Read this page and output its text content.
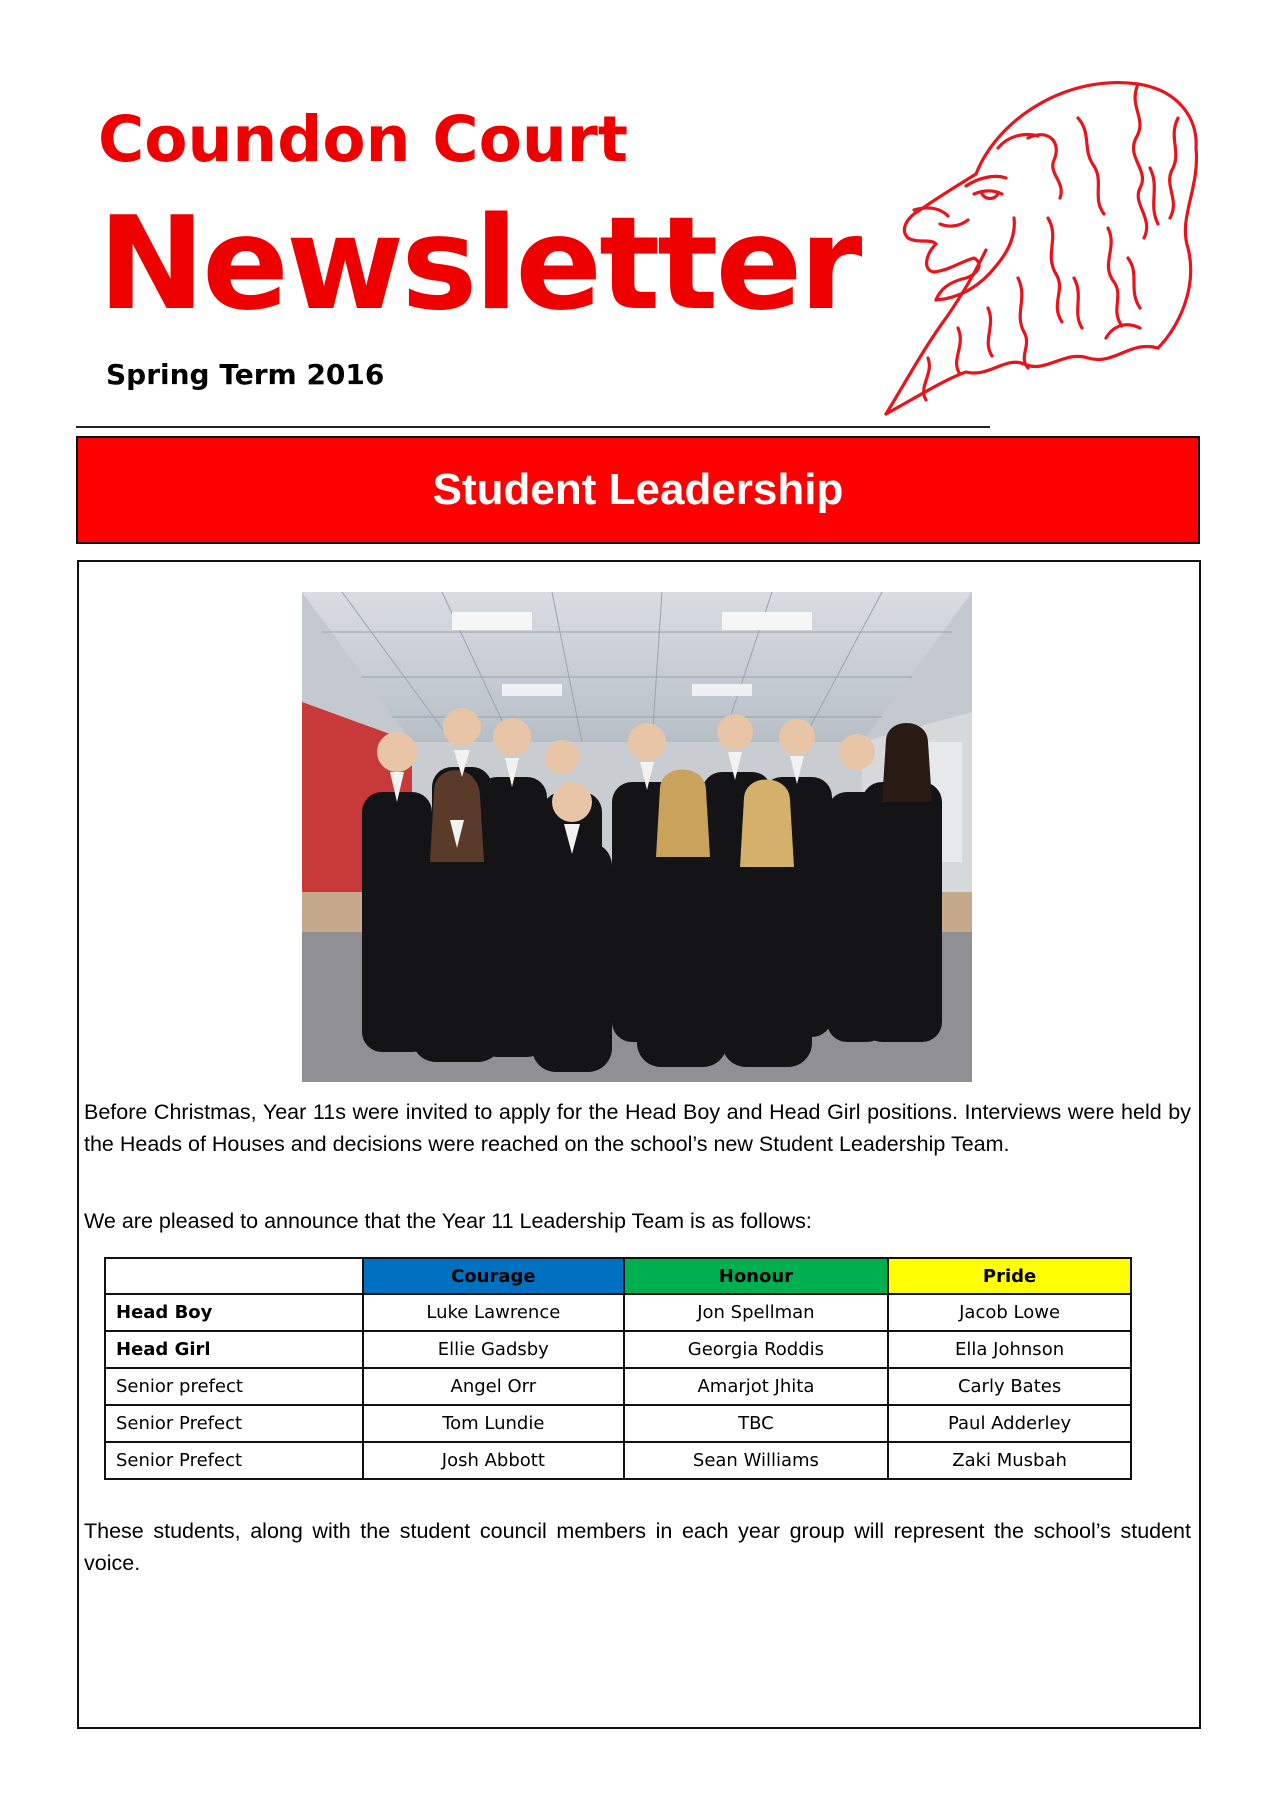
Coundon Court
Newsletter
Spring Term 2016
Student Leadership

Before Christmas, Year 11s were invited to apply for the Head Boy and Head Girl positions. Interviews were held by the Heads of Houses and decisions were reached on the school’s new Student Leadership Team.

We are pleased to announce that the Year 11 Leadership Team is as follows:

	Courage	Honour	Pride
Head Boy	Luke Lawrence	Jon Spellman	Jacob Lowe
Head Girl	Ellie Gadsby	Georgia Roddis	Ella Johnson
Senior prefect	Angel Orr	Amarjot Jhita	Carly Bates
Senior Prefect	Tom Lundie	TBC	Paul Adderley
Senior Prefect	Josh Abbott	Sean Williams	Zaki Musbah

These students, along with the student council members in each year group will represent the school’s student voice.
